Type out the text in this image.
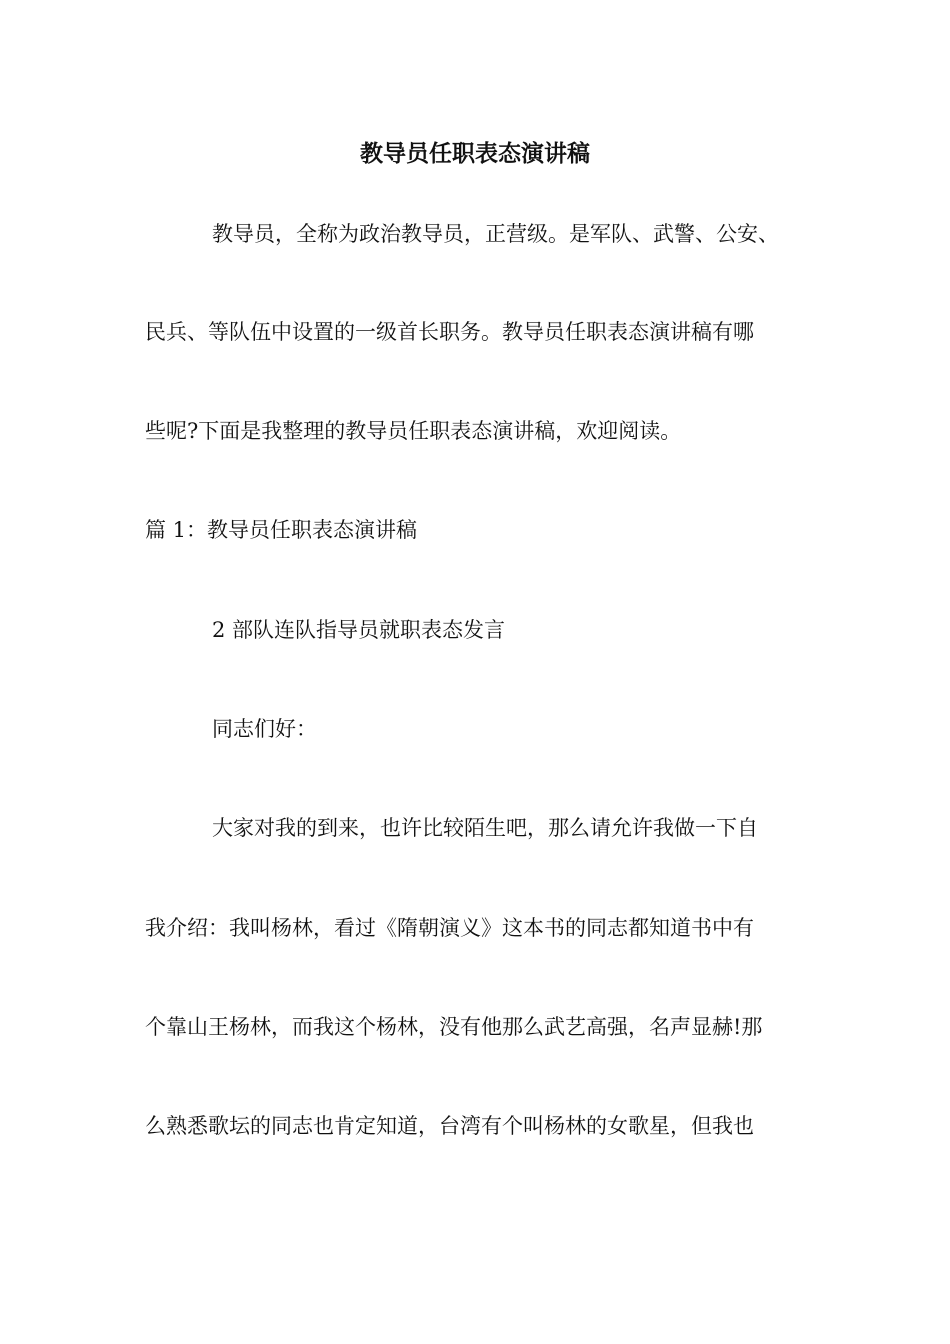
教导员任职表态演讲稿

教导员，全称为政治教导员，正营级。是军队、武警、公安、

民兵、等队伍中设置的一级首长职务。教导员任职表态演讲稿有哪

些呢?下面是我整理的教导员任职表态演讲稿，欢迎阅读。

篇 1：教导员任职表态演讲稿

2 部队连队指导员就职表态发言

同志们好：

大家对我的到来，也许比较陌生吧，那么请允许我做一下自

我介绍：我叫杨林，看过《隋朝演义》这本书的同志都知道书中有

个靠山王杨林，而我这个杨林，没有他那么武艺高强，名声显赫!那

么熟悉歌坛的同志也肯定知道，台湾有个叫杨林的女歌星，但我也
